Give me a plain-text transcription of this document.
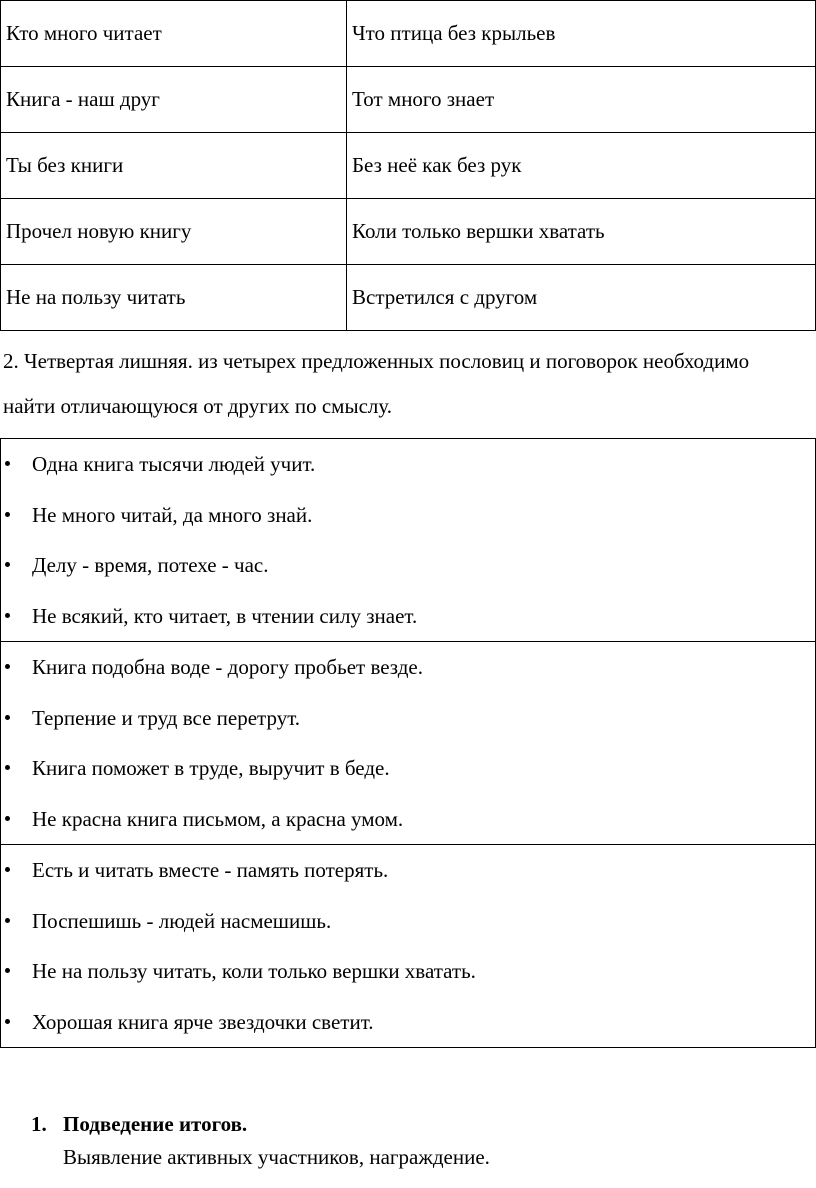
Кто много читает	Что птица без крыльев
Книга - наш друг	Тот много знает
Ты без книги	Без неё как без рук
Прочел новую книгу	Коли только вершки хватать
Не на пользу читать	Встретился с другом
2. Четвертая лишняя. из четырех предложенных пословиц и поговорок необходимо найти отличающуюся от других по смыслу.
Одна книга тысячи людей учит.
Не много читай, да много знай.
Делу - время, потехе - час.
Не всякий, кто читает, в чтении силу знает.

Книга подобна воде - дорогу пробьет везде.
Терпение и труд все перетрут.
Книга поможет в труде, выручит в беде.
Не красна книга письмом, а красна умом.

Есть и читать вместе - память потерять.
Поспешишь - людей насмешишь.
Не на пользу читать, коли только вершки хватать.
Хорошая книга ярче звездочки светит.
1. Подведение итогов.
Выявление активных участников, награждение.
